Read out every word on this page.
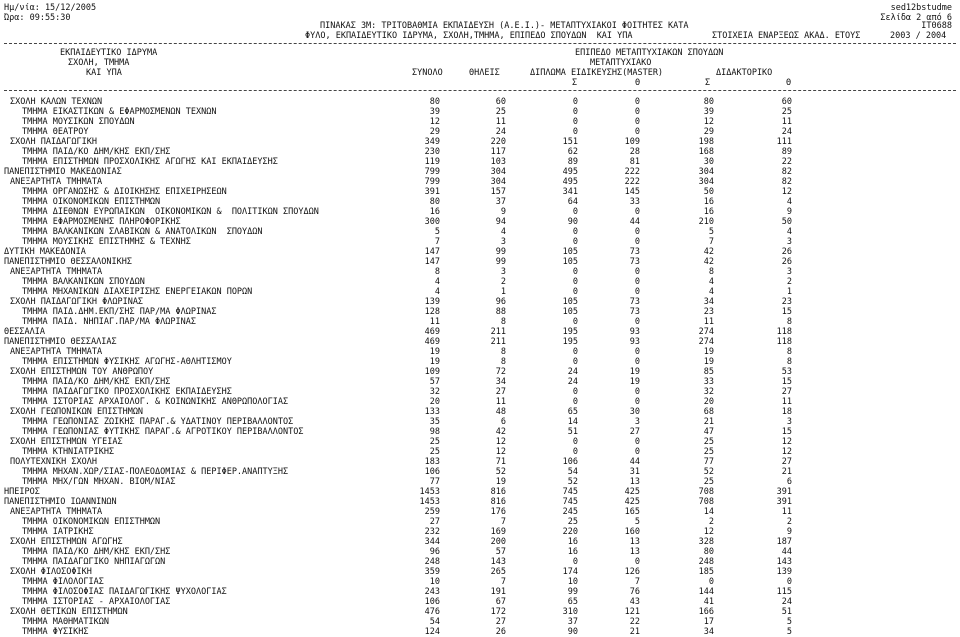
Ημ/νία: 15/12/2005
Ώρα: 09:55:30
sed12bstudme
Σελίδα 2 από 6
ΠΙΝΑΚΑΣ 3Μ: ΤΡΙΤΟΒΑΘΜΙΑ ΕΚΠΑΙΔΕΥΣΗ (Α.Ε.Ι.)- ΜΕΤΑΠΤΥΧΙΑΚΟΙ ΦΟΙΤΗΤΕΣ ΚΑΤΑ	ΙΤ0688
ΦΥΛΟ, ΕΚΠΑΙΔΕΥΤΙΚΟ ΙΔΡΥΜΑ, ΣΧΟΛΗ,ΤΜΗΜΑ, ΕΠΙΠΕΔΟ ΣΠΟΥΔΩΝ  ΚΑΙ ΥΠΑ	ΣΤΟΙΧΕΙΑ ΕΝΑΡΞΕΩΣ ΑΚΑΔ. ΕΤΟΥΣ	2003 / 2004
ΕΚΠΑΙΔΕΥΤΙΚΟ ΙΔΡΥΜΑ
ΣΧΟΛΗ, ΤΜΗΜΑ
ΚΑΙ ΥΠΑ
ΕΠΙΠΕΔΟ ΜΕΤΑΠΤΥΧΙΑΚΩΝ ΣΠΟΥΔΩΝ
ΜΕΤΑΠΤΥΧΙΑΚΟ
ΣΥΝΟΛΟ	ΘΗΛΕΙΣ	ΔΙΠΛΩΜΑ ΕΙΔΙΚΕΥΣΗΣ(MASTER)	ΔΙΔΑΚΤΟΡΙΚΟ
Σ	Θ	Σ	Θ
ΣΧΟΛΗ ΚΑΛΩΝ ΤΕΧΝΩΝ	80	60	0	0	80	60
ΤΜΗΜΑ ΕΙΚΑΣΤΙΚΩΝ & ΕΦΑΡΜΟΣΜΕΝΩΝ ΤΕΧΝΩΝ	39	25	0	0	39	25
ΤΜΗΜΑ ΜΟΥΣΙΚΩΝ ΣΠΟΥΔΩΝ	12	11	0	0	12	11
ΤΜΗΜΑ ΘΕΑΤΡΟΥ	29	24	0	0	29	24
ΣΧΟΛΗ ΠΑΙΔΑΓΩΓΙΚΗ	349	220	151	109	198	111
ΤΜΗΜΑ ΠΑΙΔ/ΚΟ ΔΗΜ/ΚΗΣ ΕΚΠ/ΣΗΣ	230	117	62	28	168	89
ΤΜΗΜΑ ΕΠΙΣΤΗΜΩΝ ΠΡΟΣΧΟΛΙΚΗΣ ΑΓΩΓΗΣ ΚΑΙ ΕΚΠΑΙΔΕΥΣΗΣ	119	103	89	81	30	22
ΠΑΝΕΠΙΣΤΗΜΙΟ ΜΑΚΕΔΟΝΙΑΣ	799	304	495	222	304	82
ΑΝΕΞΑΡΤΗΤΑ ΤΜΗΜΑΤΑ	799	304	495	222	304	82
ΤΜΗΜΑ ΟΡΓΑΝΩΣΗΣ & ΔΙΟΙΚΗΣΗΣ ΕΠΙΧΕΙΡΗΣΕΩΝ	391	157	341	145	50	12
ΤΜΗΜΑ ΟΙΚΟΝΟΜΙΚΩΝ ΕΠΙΣΤΗΜΩΝ	80	37	64	33	16	4
ΤΜΗΜΑ ΔΙΕΘΝΩΝ ΕΥΡΩΠΑΙΚΩΝ  ΟΙΚΟΝΟΜΙΚΩΝ &  ΠΟΛΙΤΙΚΩΝ ΣΠΟΥΔΩΝ	16	9	0	0	16	9
ΤΜΗΜΑ ΕΦΑΡΜΟΣΜΕΝΗΣ ΠΛΗΡΟΦΟΡΙΚΗΣ	300	94	90	44	210	50
ΤΜΗΜΑ ΒΑΛΚΑΝΙΚΩΝ ΣΛΑΒΙΚΩΝ & ΑΝΑΤΟΛΙΚΩΝ  ΣΠΟΥΔΩΝ	5	4	0	0	5	4
ΤΜΗΜΑ ΜΟΥΣΙΚΗΣ ΕΠΙΣΤΗΜΗΣ & ΤΕΧΝΗΣ	7	3	0	0	7	3
ΔΥΤΙΚΗ ΜΑΚΕΔΟΝΙΑ	147	99	105	73	42	26
ΠΑΝΕΠΙΣΤΗΜΙΟ ΘΕΣΣΑΛΟΝΙΚΗΣ	147	99	105	73	42	26
ΑΝΕΞΑΡΤΗΤΑ ΤΜΗΜΑΤΑ	8	3	0	0	8	3
ΤΜΗΜΑ ΒΑΛΚΑΝΙΚΩΝ ΣΠΟΥΔΩΝ	4	2	0	0	4	2
ΤΜΗΜΑ ΜΗΧΑΝΙΚΩΝ ΔΙΑΧΕΙΡΙΣΗΣ ΕΝΕΡΓΕΙΑΚΩΝ ΠΟΡΩΝ	4	1	0	0	4	1
ΣΧΟΛΗ ΠΑΙΔΑΓΩΓΙΚΗ ΦΛΩΡΙΝΑΣ	139	96	105	73	34	23
ΤΜΗΜΑ ΠΑΙΔ.ΔΗΜ.ΕΚΠ/ΣΗΣ ΠΑΡ/ΜΑ ΦΛΩΡΙΝΑΣ	128	88	105	73	23	15
ΤΜΗΜΑ ΠΑΙΔ. ΝΗΠΙΑΓ.ΠΑΡ/ΜΑ ΦΛΩΡΙΝΑΣ	11	8	0	0	11	8
ΘΕΣΣΑΛΙΑ	469	211	195	93	274	118
ΠΑΝΕΠΙΣΤΗΜΙΟ ΘΕΣΣΑΛΙΑΣ	469	211	195	93	274	118
ΑΝΕΞΑΡΤΗΤΑ ΤΜΗΜΑΤΑ	19	8	0	0	19	8
ΤΜΗΜΑ ΕΠΙΣΤΗΜΩΝ ΦΥΣΙΚΗΣ ΑΓΩΓΗΣ-ΑΘΛΗΤΙΣΜΟΥ	19	8	0	0	19	8
ΣΧΟΛΗ ΕΠΙΣΤΗΜΩΝ ΤΟΥ ΑΝΘΡΩΠΟΥ	109	72	24	19	85	53
ΤΜΗΜΑ ΠΑΙΔ/ΚΟ ΔΗΜ/ΚΗΣ ΕΚΠ/ΣΗΣ	57	34	24	19	33	15
ΤΜΗΜΑ ΠΑΙΔΑΓΩΓΙΚΟ ΠΡΟΣΧΟΛΙΚΗΣ ΕΚΠΑΙΔΕΥΣΗΣ	32	27	0	0	32	27
ΤΜΗΜΑ ΙΣΤΟΡΙΑΣ ΑΡΧΑΙΟΛΟΓ. & ΚΟΙΝΩΝΙΚΗΣ ΑΝΘΡΩΠΟΛΟΓΙΑΣ	20	11	0	0	20	11
ΣΧΟΛΗ ΓΕΩΠΟΝΙΚΩΝ ΕΠΙΣΤΗΜΩΝ	133	48	65	30	68	18
ΤΜΗΜΑ ΓΕΩΠΟΝΙΑΣ ΖΩΙΚΗΣ ΠΑΡΑΓ.& ΥΔΑΤΙΝΟΥ ΠΕΡΙΒΑΛΛΟΝΤΟΣ	35	6	14	3	21	3
ΤΜΗΜΑ ΓΕΩΠΟΝΙΑΣ ΦΥΤΙΚΗΣ ΠΑΡΑΓ.& ΑΓΡΟΤΙΚΟΥ ΠΕΡΙΒΑΛΛΟΝΤΟΣ	98	42	51	27	47	15
ΣΧΟΛΗ ΕΠΙΣΤΗΜΩΝ ΥΓΕΙΑΣ	25	12	0	0	25	12
ΤΜΗΜΑ ΚΤΗΝΙΑΤΡΙΚΗΣ	25	12	0	0	25	12
ΠΟΛΥΤΕΧΝΙΚΗ ΣΧΟΛΗ	183	71	106	44	77	27
ΤΜΗΜΑ ΜΗΧΑΝ.ΧΩΡ/ΣΙΑΣ-ΠΟΛΕΟΔΟΜΙΑΣ & ΠΕΡΙΦΕΡ.ΑΝΑΠΤΥΞΗΣ	106	52	54	31	52	21
ΤΜΗΜΑ ΜΗΧ/ΓΩΝ ΜΗΧΑΝ. ΒΙΟΜ/ΝΙΑΣ	77	19	52	13	25	6
ΗΠΕΙΡΟΣ	1453	816	745	425	708	391
ΠΑΝΕΠΙΣΤΗΜΙΟ ΙΩΑΝΝΙΝΩΝ	1453	816	745	425	708	391
ΑΝΕΞΑΡΤΗΤΑ ΤΜΗΜΑΤΑ	259	176	245	165	14	11
ΤΜΗΜΑ ΟΙΚΟΝΟΜΙΚΩΝ ΕΠΙΣΤΗΜΩΝ	27	7	25	5	2	2
ΤΜΗΜΑ ΙΑΤΡΙΚΗΣ	232	169	220	160	12	9
ΣΧΟΛΗ ΕΠΙΣΤΗΜΩΝ ΑΓΩΓΗΣ	344	200	16	13	328	187
ΤΜΗΜΑ ΠΑΙΔ/ΚΟ ΔΗΜ/ΚΗΣ ΕΚΠ/ΣΗΣ	96	57	16	13	80	44
ΤΜΗΜΑ ΠΑΙΔΑΓΩΓΙΚΟ ΝΗΠΙΑΓΩΓΩΝ	248	143	0	0	248	143
ΣΧΟΛΗ ΦΙΛΟΣΟΦΙΚΗ	359	265	174	126	185	139
ΤΜΗΜΑ ΦΙΛΟΛΟΓΙΑΣ	10	7	10	7	0	0
ΤΜΗΜΑ ΦΙΛΟΣΟΦΙΑΣ ΠΑΙΔΑΓΩΓΙΚΗΣ ΨΥΧΟΛΟΓΙΑΣ	243	191	99	76	144	115
ΤΜΗΜΑ ΙΣΤΟΡΙΑΣ - ΑΡΧΑΙΟΛΟΓΙΑΣ	106	67	65	43	41	24
ΣΧΟΛΗ ΘΕΤΙΚΩΝ ΕΠΙΣΤΗΜΩΝ	476	172	310	121	166	51
ΤΜΗΜΑ ΜΑΘΗΜΑΤΙΚΩΝ	54	27	37	22	17	5
ΤΜΗΜΑ ΦΥΣΙΚΗΣ	124	26	90	21	34	5
